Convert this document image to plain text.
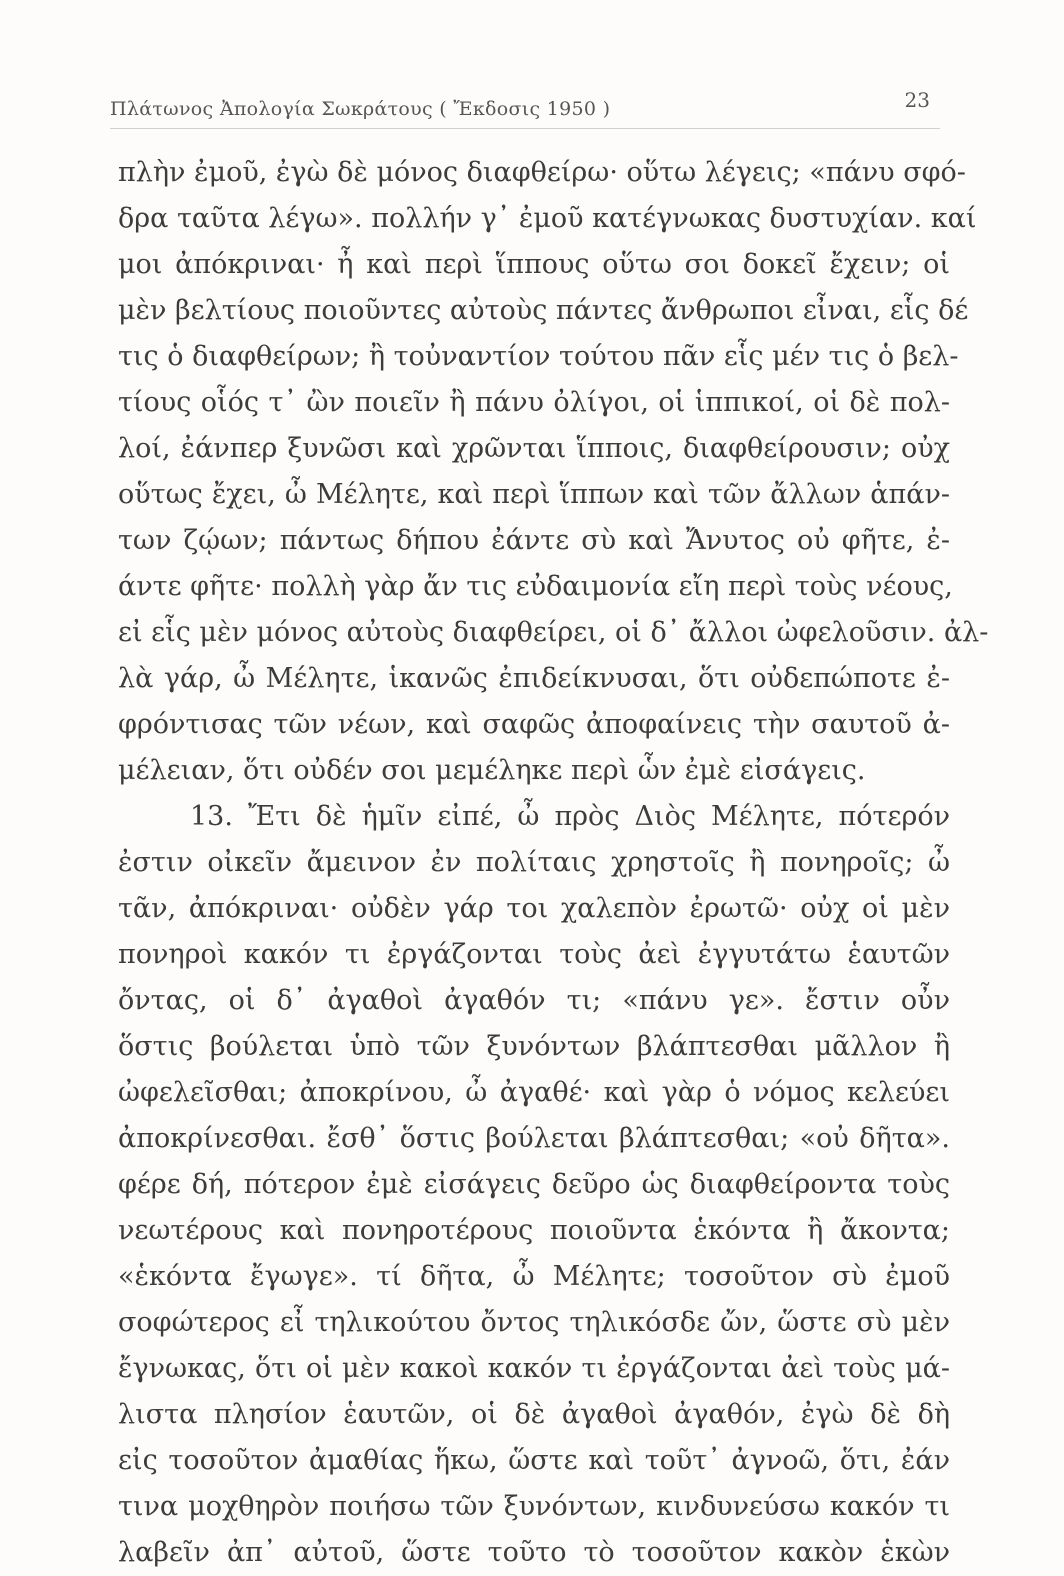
Πλάτωνος Ἀπολογία Σωκράτους ( Ἔκδοσις 1950 )	23
πλὴν ἐμοῦ, ἐγὼ δὲ μόνος διαφθείρω· οὕτω λέγεις; «πάνυ σφό-
δρα ταῦτα λέγω». πολλήν γ᾽ ἐμοῦ κατέγνωκας δυστυχίαν. καί
μοι ἀπόκριναι· ἦ καὶ περὶ ἵππους οὕτω σοι δοκεῖ ἔχειν; οἱ
μὲν βελτίους ποιοῦντες αὐτοὺς πάντες ἄνθρωποι εἶναι, εἷς δέ
τις ὁ διαφθείρων; ἢ τοὐναντίον τούτου πᾶν εἷς μέν τις ὁ βελ-
τίους οἷός τ᾽ ὢν ποιεῖν ἢ πάνυ ὀλίγοι, οἱ ἱππικοί, οἱ δὲ πολ-
λοί, ἐάνπερ ξυνῶσι καὶ χρῶνται ἵπποις, διαφθείρουσιν; οὐχ
οὕτως ἔχει, ὦ Μέλητε, καὶ περὶ ἵππων καὶ τῶν ἄλλων ἁπάν-
των ζῴων; πάντως δήπου ἐάντε σὺ καὶ Ἄνυτος οὐ φῆτε, ἐ-
άντε φῆτε· πολλὴ γὰρ ἄν τις εὐδαιμονία εἴη περὶ τοὺς νέους,
εἰ εἷς μὲν μόνος αὐτοὺς διαφθείρει, οἱ δ᾽ ἄλλοι ὠφελοῦσιν. ἀλ-
λὰ γάρ, ὦ Μέλητε, ἱκανῶς ἐπιδείκνυσαι, ὅτι οὐδεπώποτε ἐ-
φρόντισας τῶν νέων, καὶ σαφῶς ἀποφαίνεις τὴν σαυτοῦ ἀ-
μέλειαν, ὅτι οὐδέν σοι μεμέληκε περὶ ὧν ἐμὲ εἰσάγεις.
13. Ἔτι δὲ ἡμῖν εἰπέ, ὦ πρὸς Διὸς Μέλητε, πότερόν
ἐστιν οἰκεῖν ἄμεινον ἐν πολίταις χρηστοῖς ἢ πονηροῖς; ὦ
τᾶν, ἀπόκριναι· οὐδὲν γάρ τοι χαλεπὸν ἐρωτῶ· οὐχ οἱ μὲν
πονηροὶ κακόν τι ἐργάζονται τοὺς ἀεὶ ἐγγυτάτω ἑαυτῶν
ὄντας, οἱ δ᾽ ἀγαθοὶ ἀγαθόν τι; «πάνυ γε». ἔστιν οὖν
ὅστις βούλεται ὑπὸ τῶν ξυνόντων βλάπτεσθαι μᾶλλον ἢ
ὠφελεῖσθαι; ἀποκρίνου, ὦ ἀγαθέ· καὶ γὰρ ὁ νόμος κελεύει
ἀποκρίνεσθαι. ἔσθ᾽ ὅστις βούλεται βλάπτεσθαι; «οὐ δῆτα».
φέρε δή, πότερον ἐμὲ εἰσάγεις δεῦρο ὡς διαφθείροντα τοὺς
νεωτέρους καὶ πονηροτέρους ποιοῦντα ἑκόντα ἢ ἄκοντα;
«ἑκόντα ἔγωγε». τί δῆτα, ὦ Μέλητε; τοσοῦτον σὺ ἐμοῦ
σοφώτερος εἶ τηλικούτου ὄντος τηλικόσδε ὤν, ὥστε σὺ μὲν
ἔγνωκας, ὅτι οἱ μὲν κακοὶ κακόν τι ἐργάζονται ἀεὶ τοὺς μά-
λιστα πλησίον ἑαυτῶν, οἱ δὲ ἀγαθοὶ ἀγαθόν, ἐγὼ δὲ δὴ
εἰς τοσοῦτον ἀμαθίας ἥκω, ὥστε καὶ τοῦτ᾽ ἀγνοῶ, ὅτι, ἐάν
τινα μοχθηρὸν ποιήσω τῶν ξυνόντων, κινδυνεύσω κακόν τι
λαβεῖν ἀπ᾽ αὐτοῦ, ὥστε τοῦτο τὸ τοσοῦτον κακὸν ἑκὼν
